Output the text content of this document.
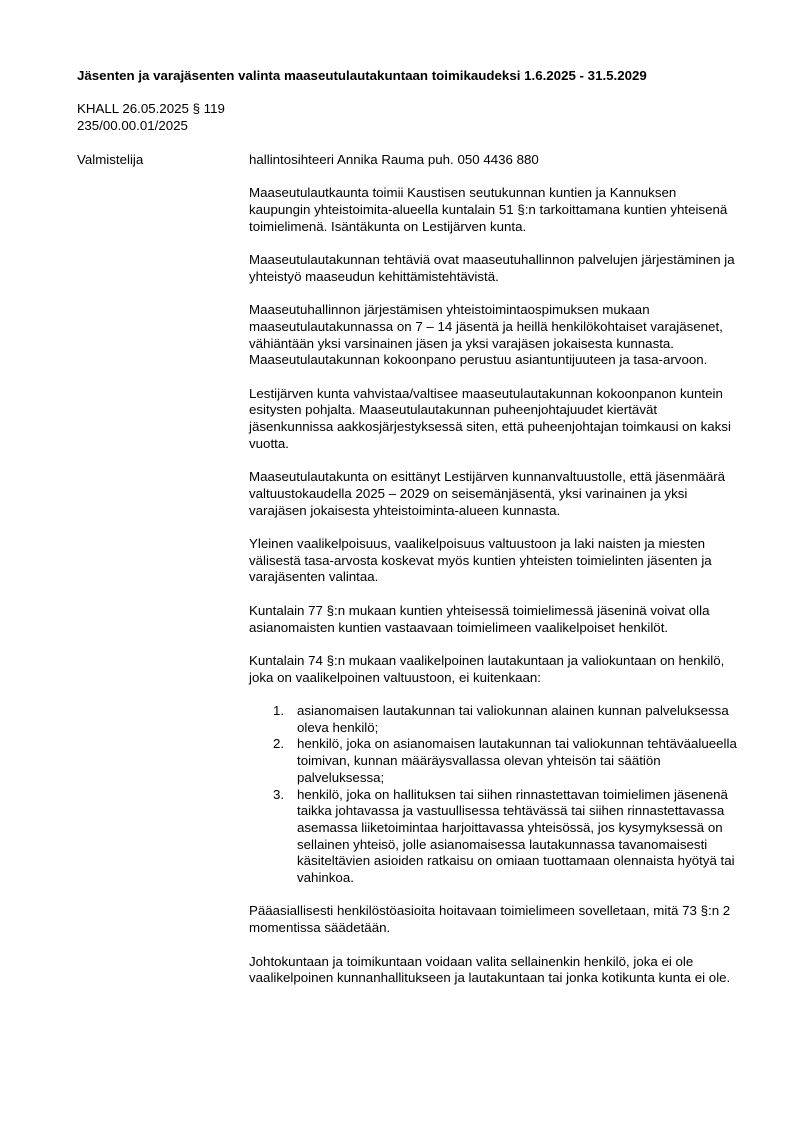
Jäsenten ja varajäsenten valinta maaseutulautakuntaan toimikaudeksi 1.6.2025 - 31.5.2029
KHALL 26.05.2025 § 119
235/00.00.01/2025
Valmistelija	hallintosihteeri Annika Rauma puh. 050 4436 880

Maaseutulautkaunta toimii Kaustisen seutukunnan kuntien ja Kannuksen kaupungin yhteistoimita-alueella kuntalain 51 §:n tarkoittamana kuntien yhteisenä toimielimenä. Isäntäkunta on Lestijärven kunta.

Maaseutulautakunnan tehtäviä ovat maaseutuhallinnon palvelujen järjestäminen ja yhteistyö maaseudun kehittämistehtävistä.

Maaseutuhallinnon järjestämisen yhteistoimintaospimuksen mukaan maaseutulautakunnassa on 7 – 14 jäsentä ja heillä henkilökohtaiset varajäsenet, vähiäntään yksi varsinainen jäsen ja yksi varajäsen jokaisesta kunnasta. Maaseutulautakunnan kokoonpano perustuu asiantuntijuuteen ja tasa-arvoon.

Lestijärven kunta vahvistaa/valtisee maaseutulautakunnan kokoonpanon kuntein esitysten pohjalta. Maaseutulautakunnan puheenjohtajuudet kiertävät jäsenkunnissa aakkosjärjestyksessä siten, että puheenjohtajan toimkausi on kaksi vuotta.

Maaseutulautakunta on esittänyt Lestijärven kunnanvaltuustolle, että jäsenmäärä valtuustokaudella 2025 – 2029 on seisemänjäsentä, yksi varinainen ja yksi varajäsen jokaisesta yhteistoiminta-alueen kunnasta.

Yleinen vaalikelpoisuus, vaalikelpoisuus valtuustoon ja laki naisten ja miesten välisestä tasa-arvosta koskevat myös kuntien yhteisten toimielinten jäsenten ja varajäsenten valintaa.

Kuntalain 77 §:n mukaan kuntien yhteisessä toimielimessä jäseninä voivat olla asianomaisten kuntien vastaavaan toimielimeen vaalikelpoiset henkilöt.

Kuntalain 74 §:n mukaan vaalikelpoinen lautakuntaan ja valiokuntaan on henkilö, joka on vaalikelpoinen valtuustoon, ei kuitenkaan:

1. asianomaisen lautakunnan tai valiokunnan alainen kunnan palveluksessa oleva henkilö;
2. henkilö, joka on asianomaisen lautakunnan tai valiokunnan tehtäväalueella toimivan, kunnan määräysvallassa olevan yhteisön tai säätiön palveluksessa;
3. henkilö, joka on hallituksen tai siihen rinnastettavan toimielimen jäsenenä taikka johtavassa ja vastuullisessa tehtävässä tai siihen rinnastettavassa asemassa liiketoimintaa harjoittavassa yhteisössä, jos kysymyksessä on sellainen yhteisö, jolle asianomaisessa lautakunnassa tavanomaisesti käsiteltävien asioiden ratkaisu on omiaan tuottamaan olennaista hyötyä tai vahinkoa.

Pääasiallisesti henkilöstöasioita hoitavaan toimielimeen sovelletaan, mitä 73 §:n 2 momentissa säädetään.

Johtokuntaan ja toimikuntaan voidaan valita sellainenkin henkilö, joka ei ole vaalikelpoinen kunnanhallitukseen ja lautakuntaan tai jonka kotikunta kunta ei ole.
